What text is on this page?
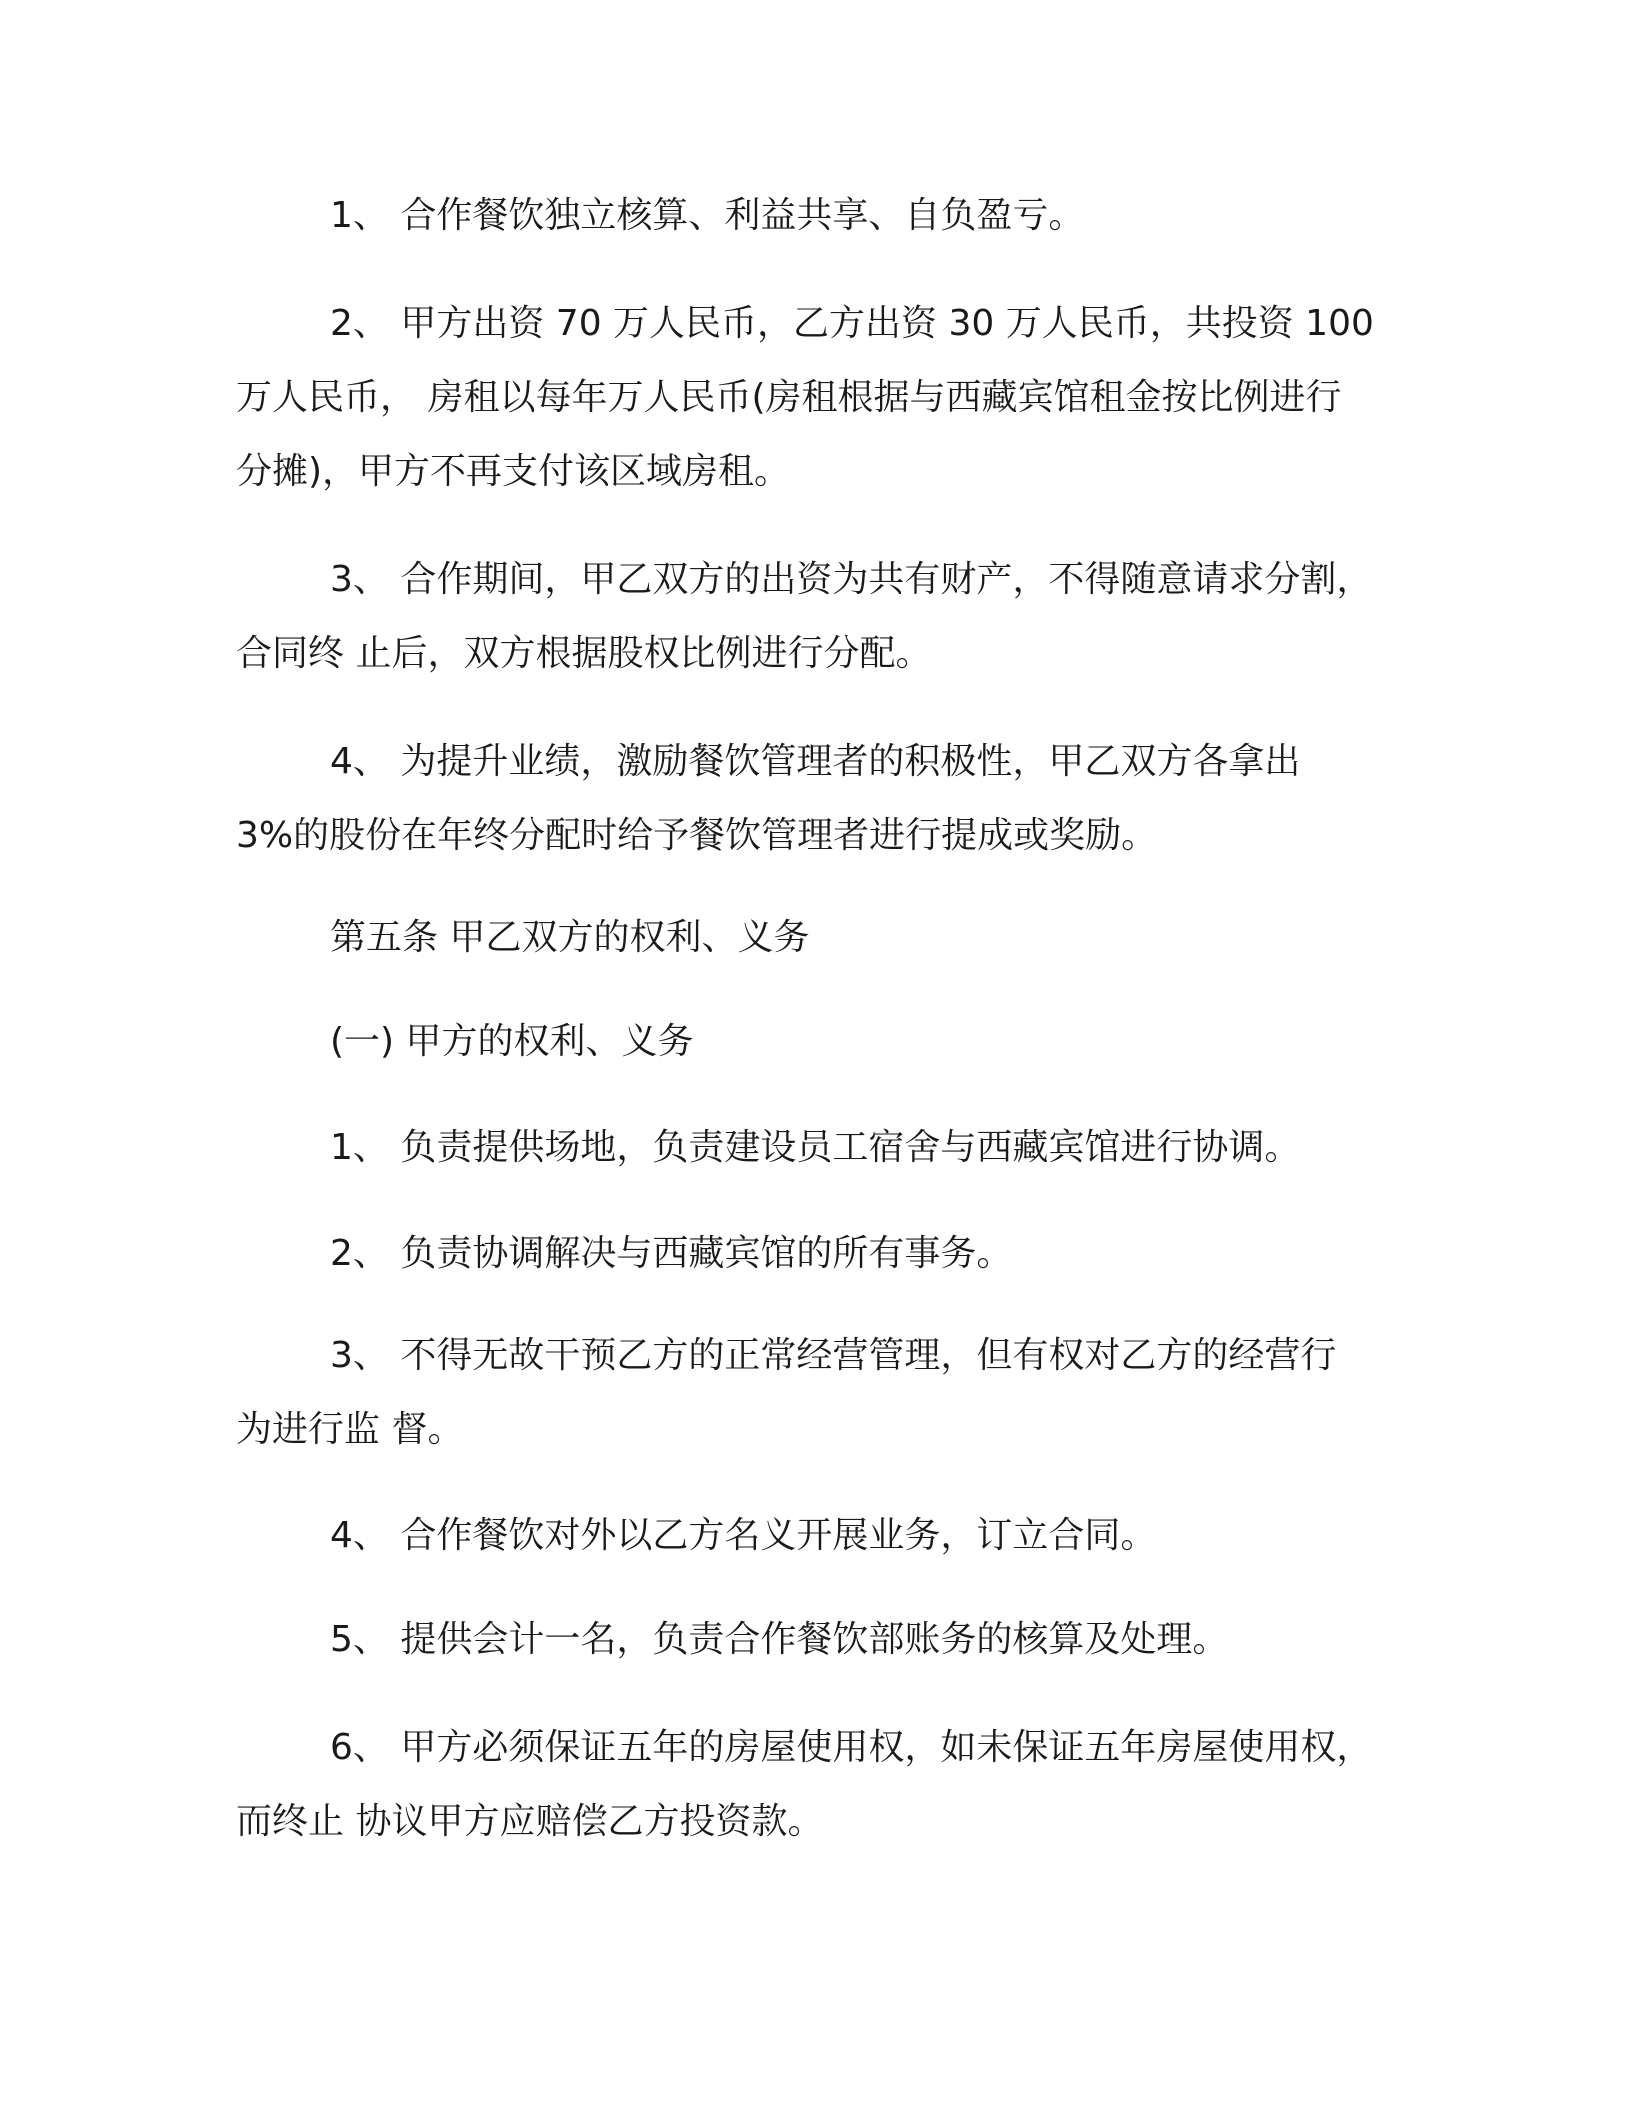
1、 合作餐饮独立核算、利益共享、自负盈亏。

2、 甲方出资 70 万人民币，乙方出资 30 万人民币，共投资 100

万人民币， 房租以每年万人民币(房租根据与西藏宾馆租金按比例进行

分摊)，甲方不再支付该区域房租。

3、 合作期间，甲乙双方的出资为共有财产，不得随意请求分割，

合同终 止后，双方根据股权比例进行分配。

4、 为提升业绩，激励餐饮管理者的积极性，甲乙双方各拿出

3%的股份在年终分配时给予餐饮管理者进行提成或奖励。

第五条 甲乙双方的权利、义务

(一) 甲方的权利、义务

1、 负责提供场地，负责建设员工宿舍与西藏宾馆进行协调。

2、 负责协调解决与西藏宾馆的所有事务。

3、 不得无故干预乙方的正常经营管理，但有权对乙方的经营行

为进行监 督。

4、 合作餐饮对外以乙方名义开展业务，订立合同。

5、 提供会计一名，负责合作餐饮部账务的核算及处理。

6、 甲方必须保证五年的房屋使用权，如未保证五年房屋使用权，

而终止 协议甲方应赔偿乙方投资款。
